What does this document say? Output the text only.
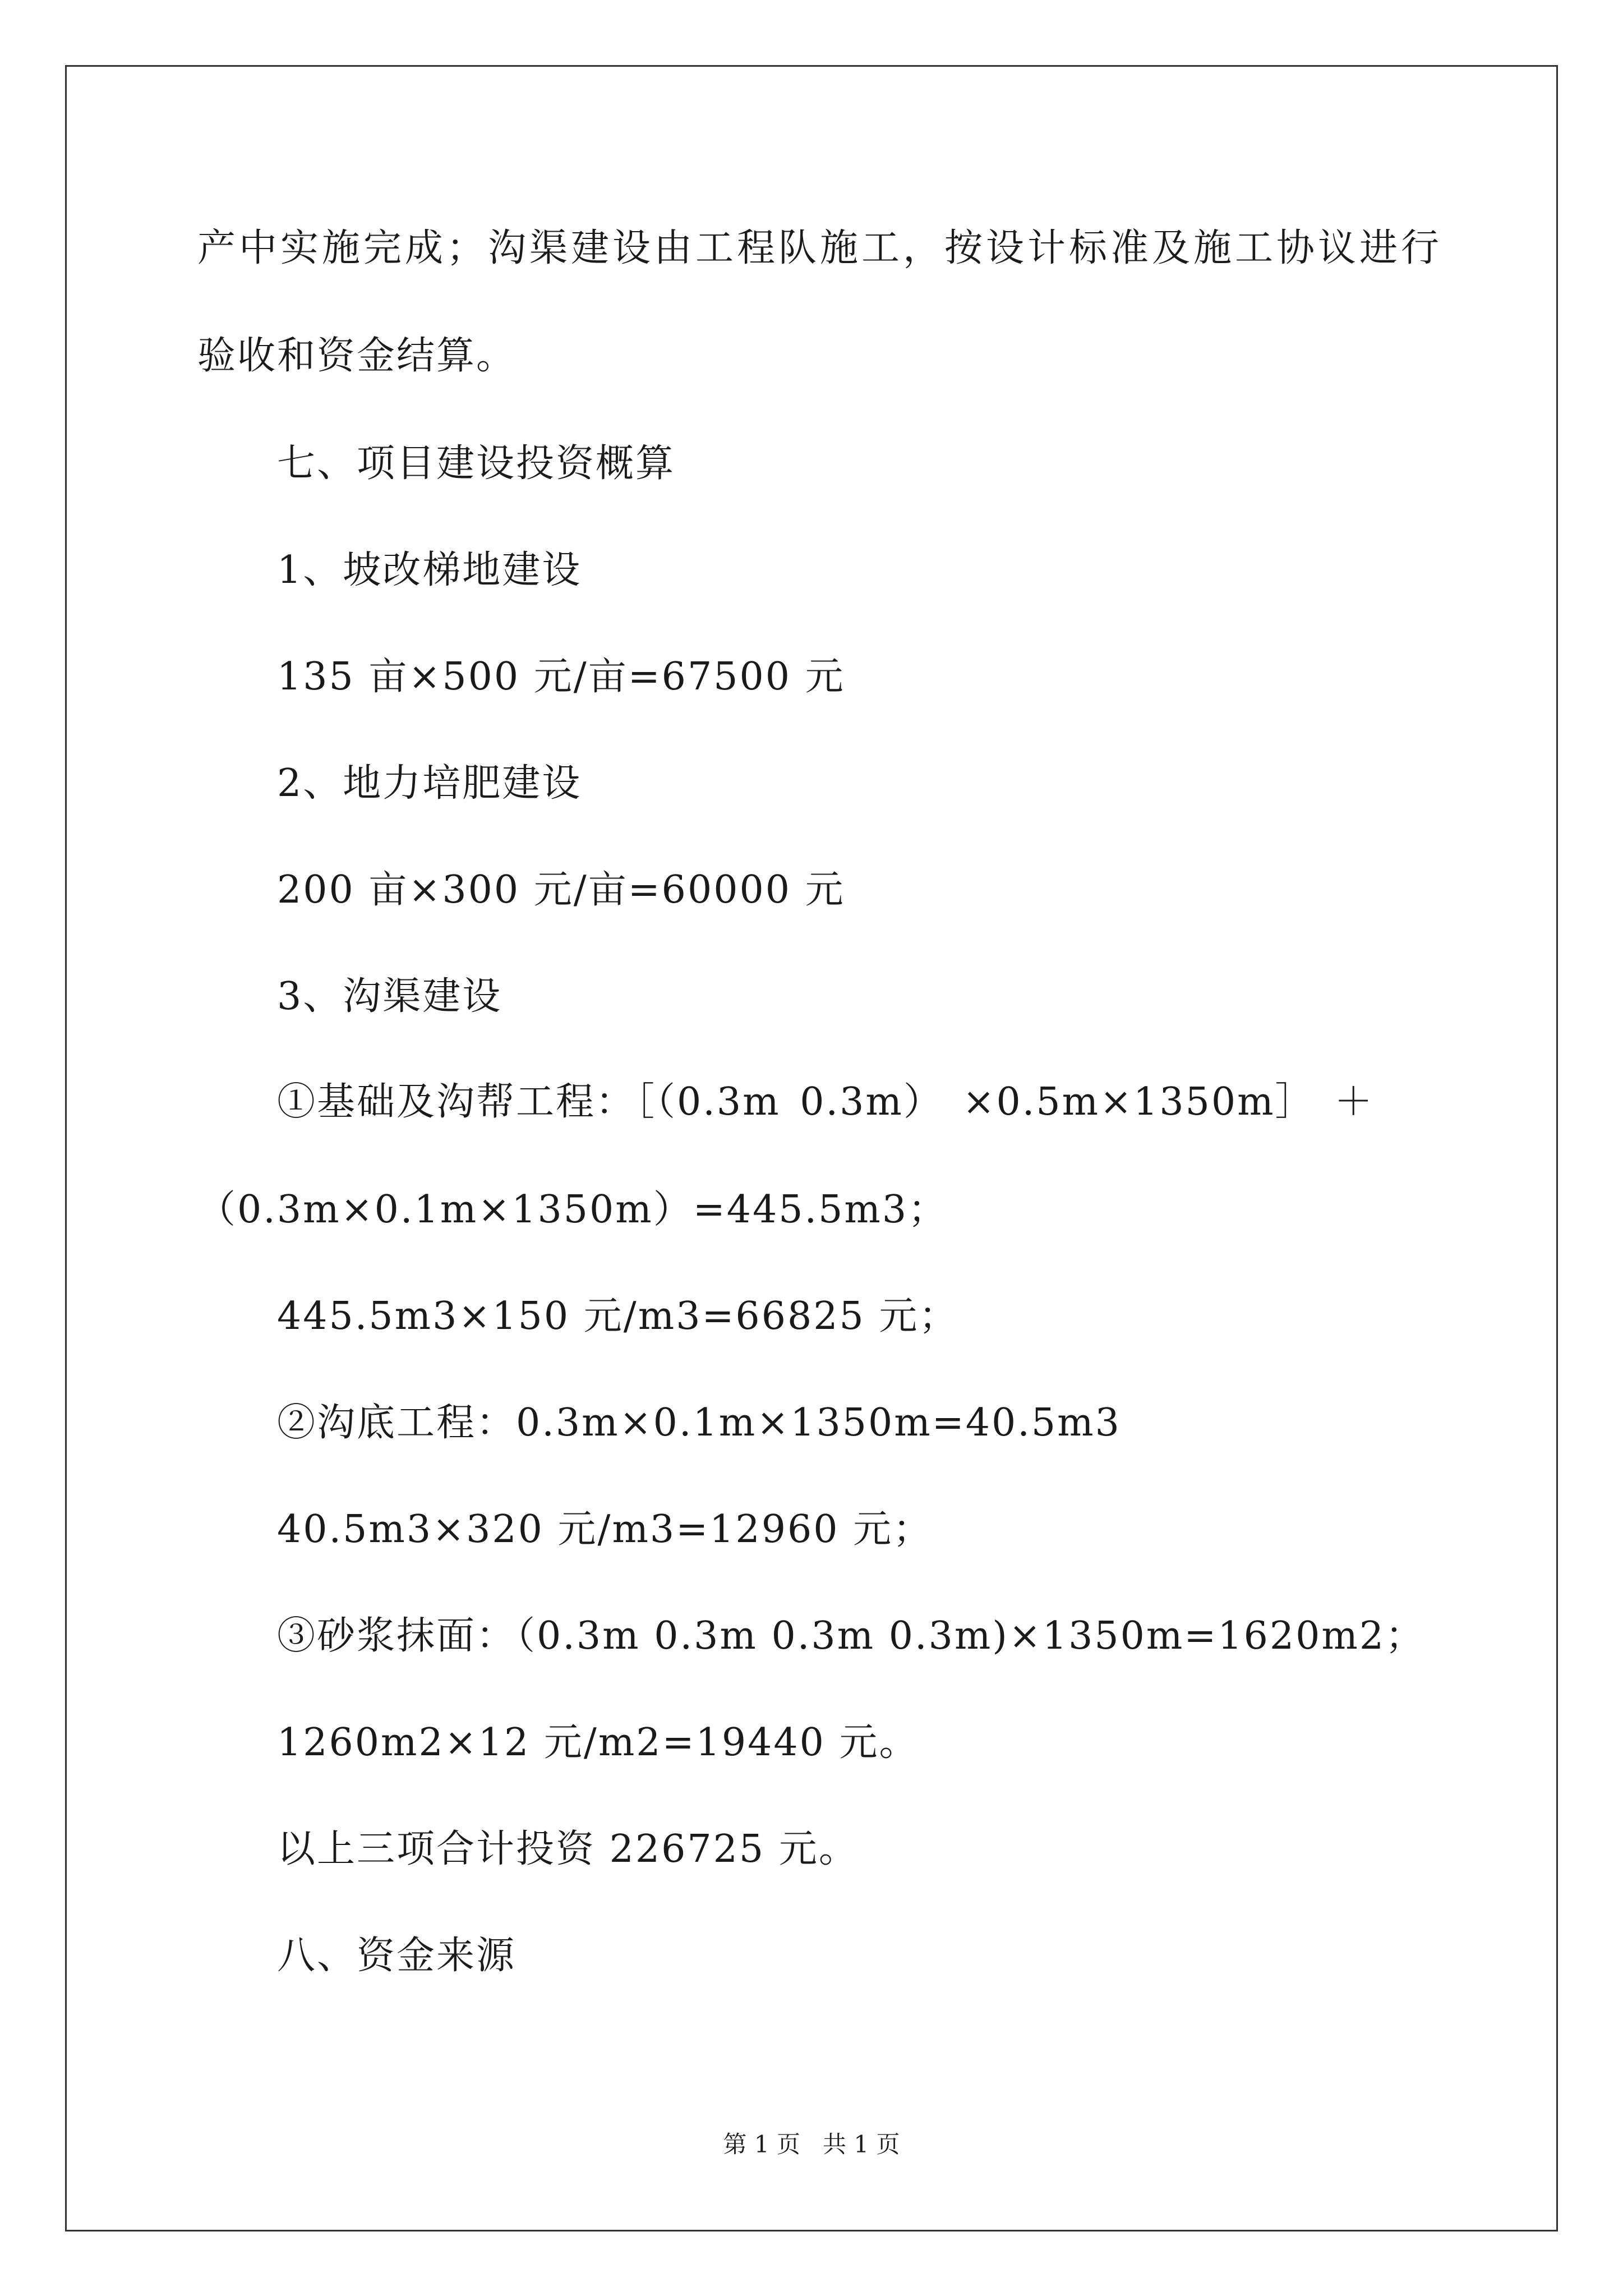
产中实施完成；沟渠建设由工程队施工，按设计标准及施工协议进行
验收和资金结算。
七、项目建设投资概算
1、坡改梯地建设
135 亩×500 元/亩=67500 元
2、地力培肥建设
200 亩×300 元/亩=60000 元
3、沟渠建设
①基础及沟帮工程：［（0.3m 0.3m） ×0.5m×1350m］ ＋
（0.3m×0.1m×1350m）=445.5m3；
445.5m3×150 元/m3=66825 元；
②沟底工程：0.3m×0.1m×1350m=40.5m3
40.5m3×320 元/m3=12960 元；
③砂浆抹面：（0.3m 0.3m 0.3m 0.3m)×1350m=1620m2；
1260m2×12 元/m2=19440 元。
以上三项合计投资 226725 元。
八、资金来源
第 1 页   共 1 页
